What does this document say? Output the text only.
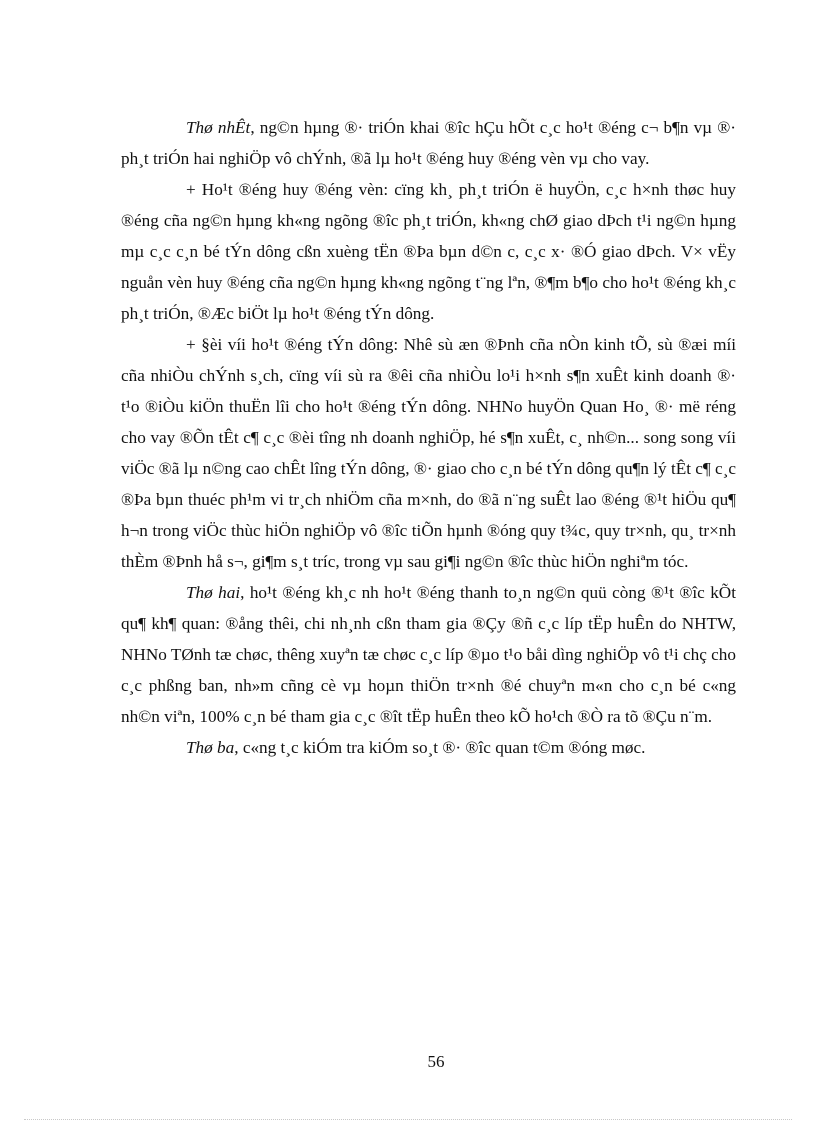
Thø nhÊt, ng©n hµng ®· triÓn khai ®îc hÇu hÕt c¸c ho¹t ®éng c¬ b¶n vµ ®· ph¸t triÓn hai nghiÖp vô chÝnh, ®ã lµ ho¹t ®éng huy ®éng vèn vµ cho vay.

+ Ho¹t ®éng huy ®éng vèn: cïng kh¸ ph¸t triÓn ë huyÖn, c¸c h×nh thøc huy ®éng cña ng©n hµng kh«ng ngõng ®îc ph¸t triÓn, kh«ng chØ giao dÞch t¹i ng©n hµng mµ c¸c c¸n bé tÝn dông cßn xuèng tËn ®Þa bµn d©n c, c¸c x· ®Ó giao dÞch. V× vËy nguån vèn huy ®éng cña ng©n hµng kh«ng ngõng t¨ng lªn, ®¶m b¶o cho ho¹t ®éng kh¸c ph¸t triÓn, ®Æc biÖt lµ ho¹t ®éng tÝn dông.

+ §èi víi ho¹t ®éng tÝn dông: Nhê sù æn ®Þnh cña nÒn kinh tÕ, sù ®æi míi cña nhiÒu chÝnh s¸ch, cïng víi sù ra ®êi cña nhiÒu lo¹i h×nh s¶n xuÊt kinh doanh ®· t¹o ®iÒu kiÖn thuËn lîi cho ho¹t ®éng tÝn dông. NHNo huyÖn Quan Ho¸ ®· më réng cho vay ®Õn tÊt c¶ c¸c ®èi tîng nh doanh nghiÖp, hé s¶n xuÊt, c¸ nh©n... song song víi viÖc ®ã lµ n©ng cao chÊt lîng tÝn dông, ®· giao cho c¸n bé tÝn dông qu¶n lý tÊt c¶ c¸c ®Þa bµn thuéc ph¹m vi tr¸ch nhiÖm cña m×nh, do ®ã n¨ng suÊt lao ®éng ®¹t hiÖu qu¶ h¬n trong viÖc thùc hiÖn nghiÖp vô ®îc tiÕn hµnh ®óng quy t¾c, quy tr×nh, qu¸ tr×nh thÈm ®Þnh hå s¬, gi¶m s¸t tríc, trong vµ sau gi¶i ng©n ®îc thùc hiÖn nghiªm tóc.

Thø hai, ho¹t ®éng kh¸c nh ho¹t ®éng thanh to¸n ng©n quü còng ®¹t ®îc kÕt qu¶ kh¶ quan: ®ång thêi, chi nh¸nh cßn tham gia ®Çy ®ñ c¸c líp tËp huÊn do NHTW, NHNo TØnh tæ chøc, thêng xuyªn tæ chøc c¸c líp ®µo t¹o båi dìng nghiÖp vô t¹i chç cho c¸c phßng ban, nh»m cñng cè vµ hoµn thiÖn tr×nh ®é chuyªn m«n cho c¸n bé c«ng nh©n viªn, 100% c¸n bé tham gia c¸c ®ît tËp huÊn theo kÕ ho¹ch ®Ò ra tõ ®Çu n¨m.

Thø ba, c«ng t¸c kiÓm tra kiÓm so¸t ®· ®îc quan t©m ®óng møc.

56
